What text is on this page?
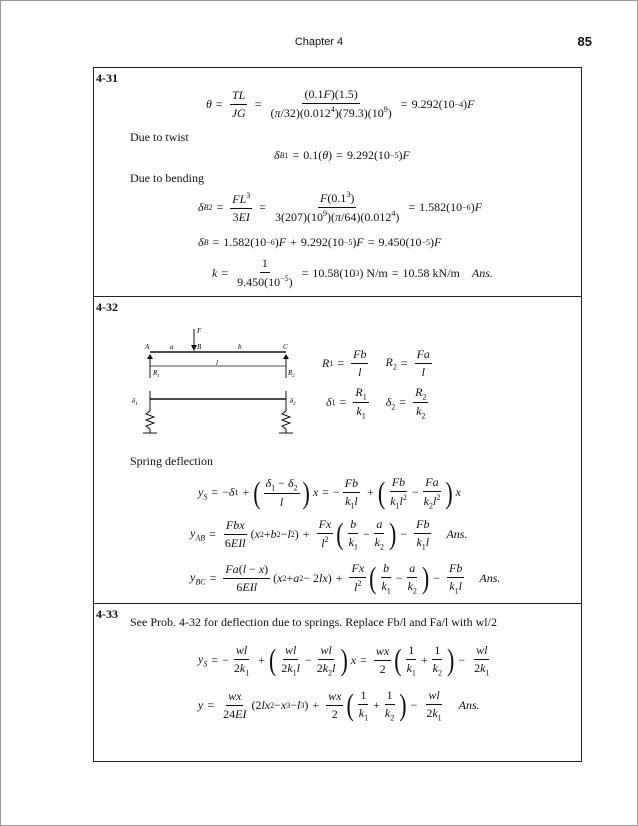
Chapter 4	85
4-31
$\theta = \frac{TL}{JG} = \frac{(0.1F)(1.5)}{(\pi/32)(0.012^4)(79.3)(10^9)} = 9.292(10 -4$ ) F
Due to twist
δ B1 = 0.1( θ ) = 9.292(10 −5 ) F
Due to bending
δ $B2 = \frac{FL^3}{3EI} = \frac{F(0.1^3)}{3(207)(10^9)(\pi/64)(0.012^4)} = 1.582(10 -6$ ) F
δ B = 1.582(10 −6 ) F + 9.292(10 −5 ) F = 9.450(10 −5 ) F
$k = \frac{1}{9.450(10^{-5})} = 10.58(10$ 3 ) N/m = 10.58 kN/m Ans.
4-32
F
A	B	C
a	b
l
$R_1$	$R_2$
$\delta_1$	$\delta_2$
R $1 = \frac{Fb}{l} R_2 = \frac{Fa}{l}$
δ $1 = \frac{R_1}{k_1} \delta_2 = \frac{R_2}{k_2}$
Spring deflection
$y_S$ = − δ 1 + ( $\frac{\delta_1 - \delta_2}{l}$ ) x = − $\frac{Fb}{k_1l}$ + ( $\frac{Fb}{k_1l^2} - \frac{Fa}{k_2l^2}$ ) x
$y_{AB} = \frac{\text{Fbx}}{\text{6EIl}}$ ( x 2 + b 2 − l 2 ) + $\frac{Fx}{l^2}$ ( $\frac{b}{k_1} - \frac{a}{k_2}$ ) − $\frac{Fb}{k_1l}$ Ans.
$y_{BC} = \frac{Fa(l - x)}{\text{6EIl}}$ ( x 2 + a 2 − 2 lx ) + $\frac{Fx}{l^2}$ ( $\frac{b}{k_1} - \frac{a}{k_2}$ ) − $\frac{Fb}{k_1l}$ Ans.
4-33
See Prob. 4-32 for deflection due to springs. Replace Fb/l and Fa/l with wl/2
$y_S$ = − $\frac{wl}{2k_1}$ + ( $\frac{wl}{2k_1l} - \frac{wl}{2k_2l}$ ) $x = \frac{wx}{2}$ ( $\frac{1}{k_1} + \frac{1}{k_2}$ ) − $\frac{wl}{2k_1}$
$y = \frac{wx}{24EI} (2$ lx 2 − x 3 − l 3 ) + $\frac{wx}{2}$ ( $\frac{1}{k_1} + \frac{1}{k_2}$ ) − $\frac{wl}{2k_1}$ Ans.
